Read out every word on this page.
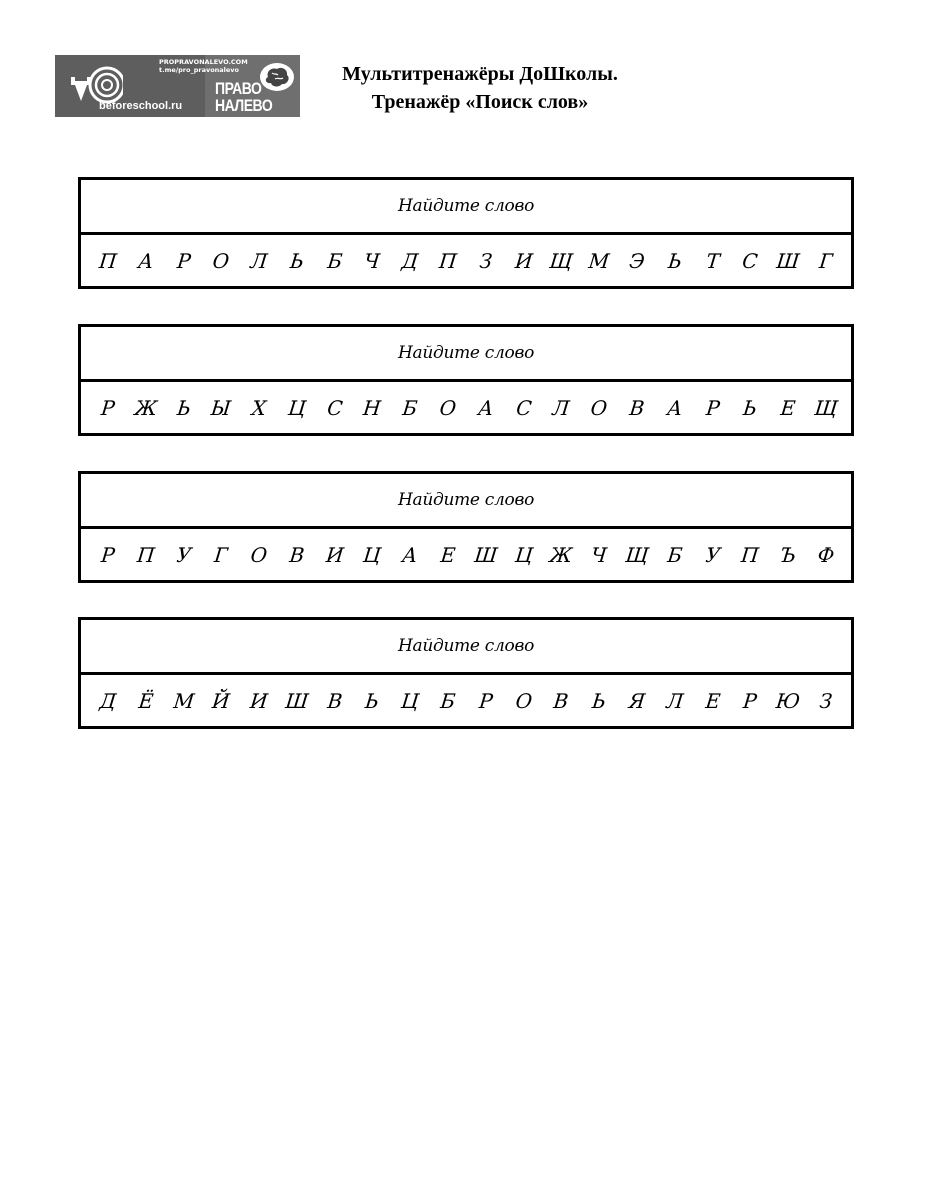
PROPRAVONALEVO.COM
t.me/pro_pravonalevo
beforeschool.ru
ПРАВО
НАЛЕВО
Мультитренажёры ДоШколы.
Тренажёр «Поиск слов»
Найдите слово
П А	Р	О Л	Ь	Б	Ч Д П	З	И Щ М Э	Ь	Т	С Ш Г
Найдите слово
Р Ж Ь Ы Х Ц С Н Б О А	С Л О В	А	Р	Ь	Е Щ
Найдите слово
Р П У	Г	О В И Ц А	Е Ш Ц Ж Ч Щ Б	У П Ъ Ф
Найдите слово
Д Ё М Й И Ш В	Ь Ц Б	Р	О В	Ь	Я Л Е	Р Ю З
